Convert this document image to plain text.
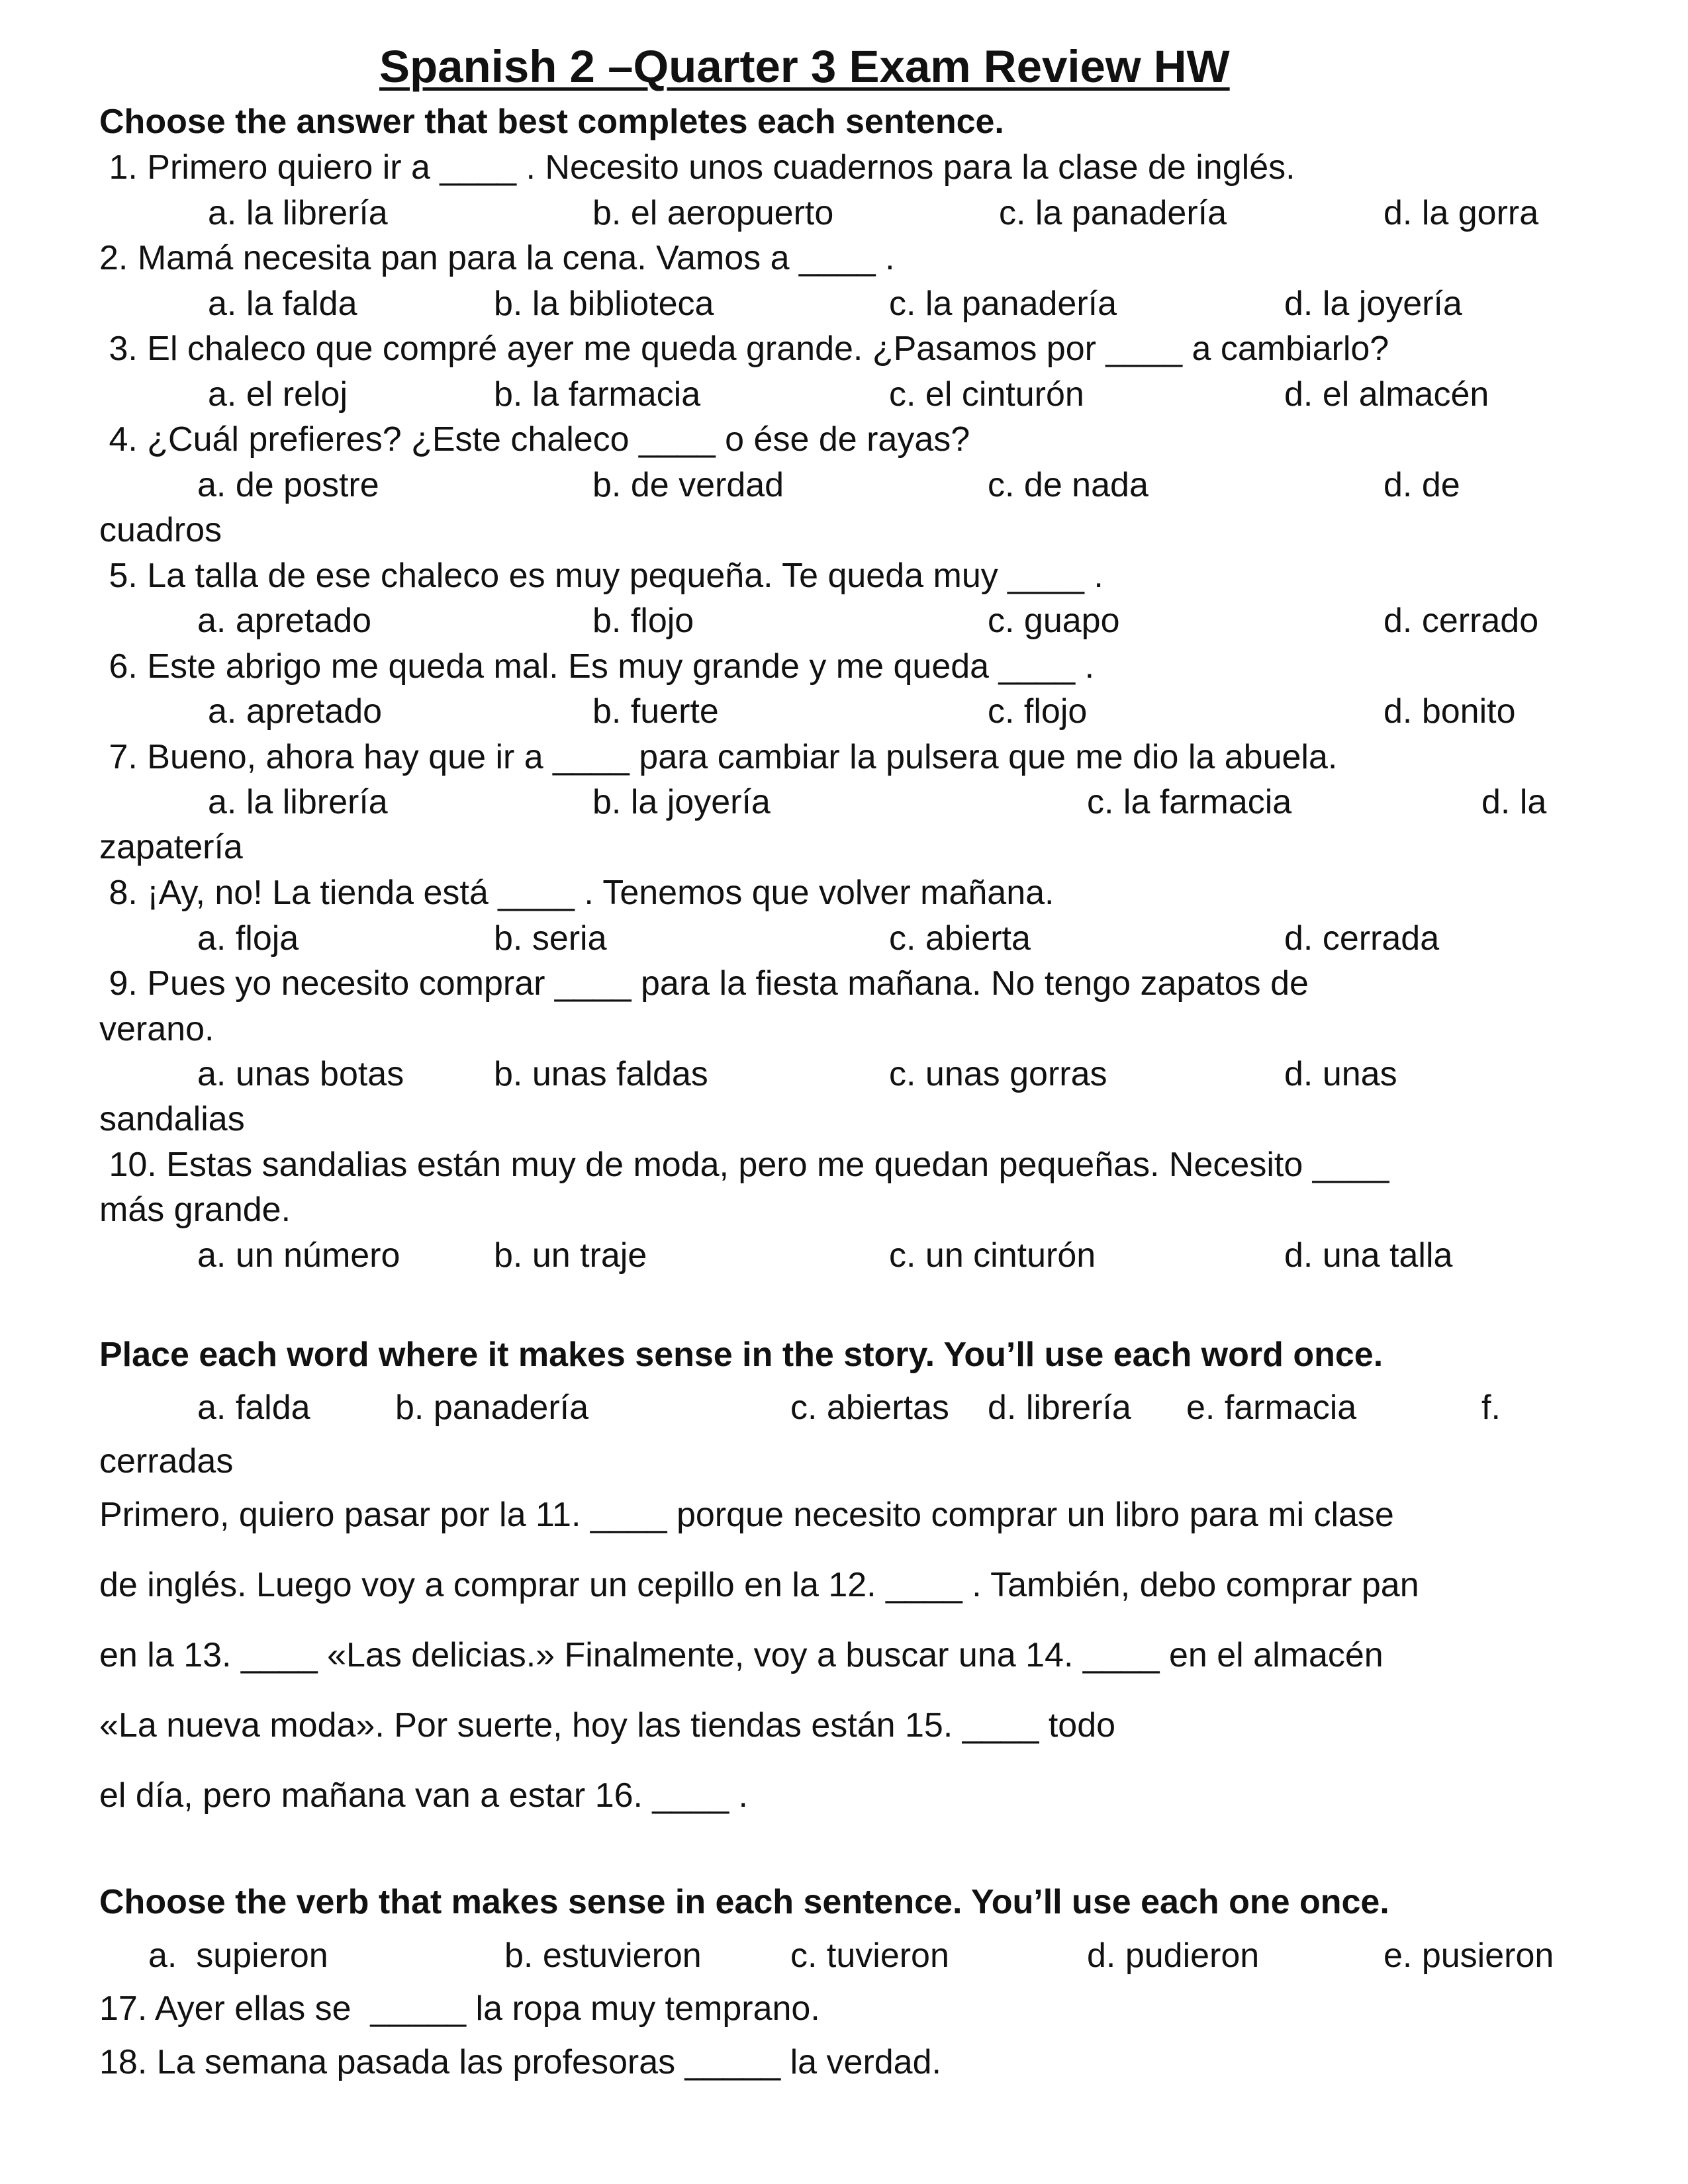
Spanish 2 –Quarter 3 Exam Review HW
Choose the answer that best completes each sentence.
1. Primero quiero ir a ____ . Necesito unos cuadernos para la clase de inglés.
a. la librería	b. el aeropuerto	c. la panadería	d. la gorra
2. Mamá necesita pan para la cena. Vamos a ____ .
a. la falda	b. la biblioteca	c. la panadería	d. la joyería
3. El chaleco que compré ayer me queda grande. ¿Pasamos por ____ a cambiarlo?
a. el reloj	b. la farmacia	c. el cinturón	d. el almacén
4. ¿Cuál prefieres? ¿Este chaleco ____ o ése de rayas?
a. de postre	b. de verdad	c. de nada	d. de
cuadros
5. La talla de ese chaleco es muy pequeña. Te queda muy ____ .
a. apretado	b. flojo	c. guapo	d. cerrado
6. Este abrigo me queda mal. Es muy grande y me queda ____ .
a. apretado	b. fuerte	c. flojo	d. bonito
7. Bueno, ahora hay que ir a ____ para cambiar la pulsera que me dio la abuela.
a. la librería	b. la joyería	c. la farmacia	d. la
zapatería
8. ¡Ay, no! La tienda está ____ . Tenemos que volver mañana.
a. floja	b. seria	c. abierta	d. cerrada
9. Pues yo necesito comprar ____ para la fiesta mañana. No tengo zapatos de
verano.
a. unas botas	b. unas faldas	c. unas gorras	d. unas
sandalias
10. Estas sandalias están muy de moda, pero me quedan pequeñas. Necesito ____
más grande.
a. un número	b. un traje	c. un cinturón	d. una talla
Place each word where it makes sense in the story. You’ll use each word once.
a. falda b. panadería	c. abiertas d. librería e. farmacia	f.
cerradas
Primero, quiero pasar por la 11. ____ porque necesito comprar un libro para mi clase
de inglés. Luego voy a comprar un cepillo en la 12. ____ . También, debo comprar pan
en la 13. ____ «Las delicias.» Finalmente, voy a buscar una 14. ____ en el almacén
«La nueva moda». Por suerte, hoy las tiendas están 15. ____ todo
el día, pero mañana van a estar 16. ____ .
Choose the verb that makes sense in each sentence. You’ll use each one once.
a.  supieron	b. estuvieron	c. tuvieron	d. pudieron	e. pusieron
17. Ayer ellas se  _____ la ropa muy temprano.
18. La semana pasada las profesoras _____ la verdad.
